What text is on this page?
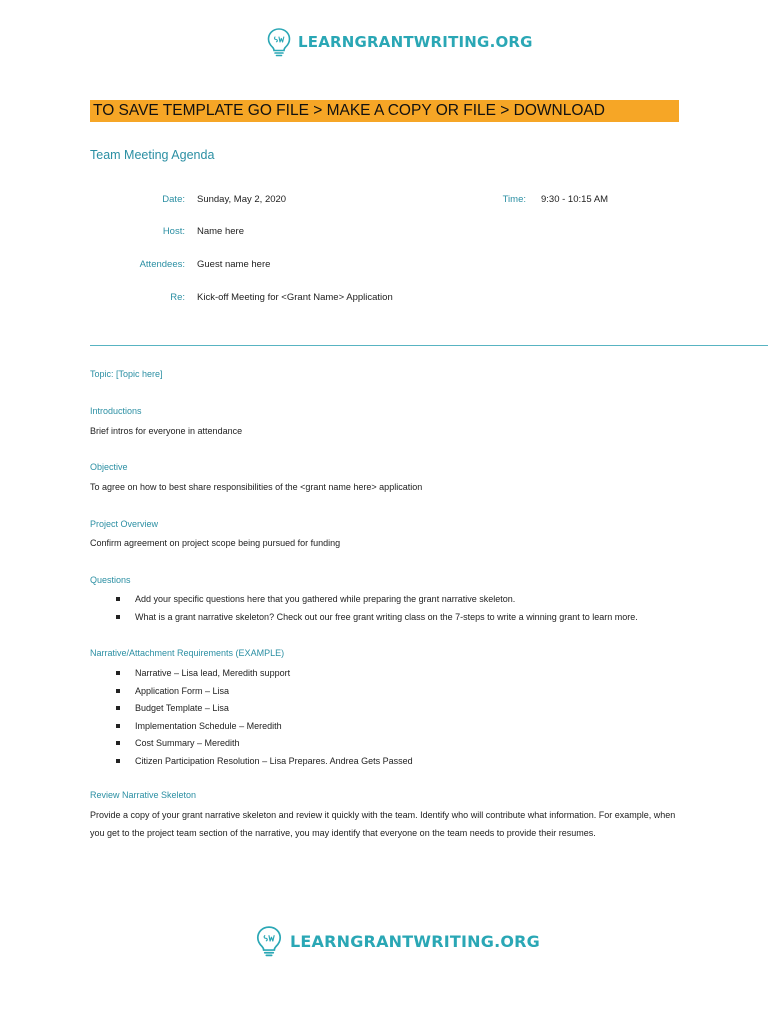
LEARNGRANTWRITING.ORG
TO SAVE TEMPLATE GO FILE > MAKE A COPY OR FILE > DOWNLOAD
Team Meeting Agenda
Date: Sunday, May 2, 2020	Time: 9:30 - 10:15 AM
Host: Name here
Attendees: Guest name here
Re: Kick-off Meeting for <Grant Name> Application
Topic: [Topic here]
Introductions
Brief intros for everyone in attendance
Objective
To agree on how to best share responsibilities of the <grant name here> application
Project Overview
Confirm agreement on project scope being pursued for funding
Questions
Add your specific questions here that you gathered while preparing the grant narrative skeleton.
What is a grant narrative skeleton? Check out our free grant writing class on the 7-steps to write a winning grant to learn more.
Narrative/Attachment Requirements (EXAMPLE)
Narrative – Lisa lead, Meredith support
Application Form – Lisa
Budget Template – Lisa
Implementation Schedule – Meredith
Cost Summary – Meredith
Citizen Participation Resolution – Lisa Prepares. Andrea Gets Passed
Review Narrative Skeleton
Provide a copy of your grant narrative skeleton and review it quickly with the team. Identify who will contribute what information. For example, when you get to the project team section of the narrative, you may identify that everyone on the team needs to provide their resumes.
LEARNGRANTWRITING.ORG
